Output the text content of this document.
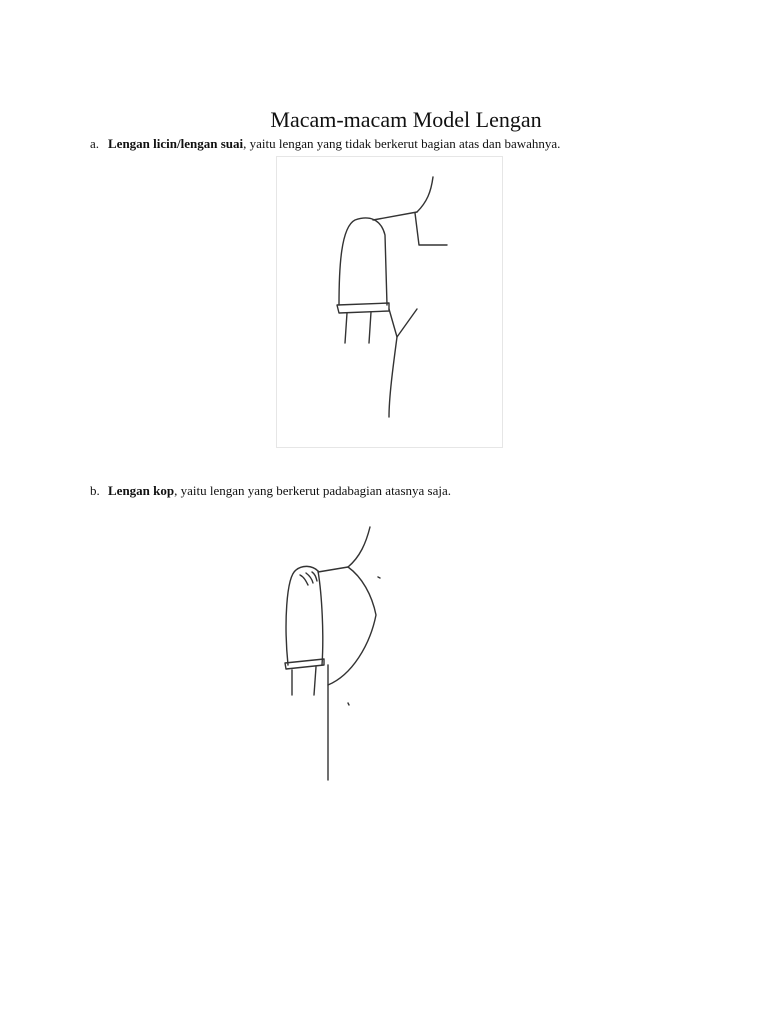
Macam-macam Model Lengan
a. Lengan licin/lengan suai, yaitu lengan yang tidak berkerut bagian atas dan bawahnya.
b. Lengan kop, yaitu lengan yang berkerut padabagian atasnya saja.
